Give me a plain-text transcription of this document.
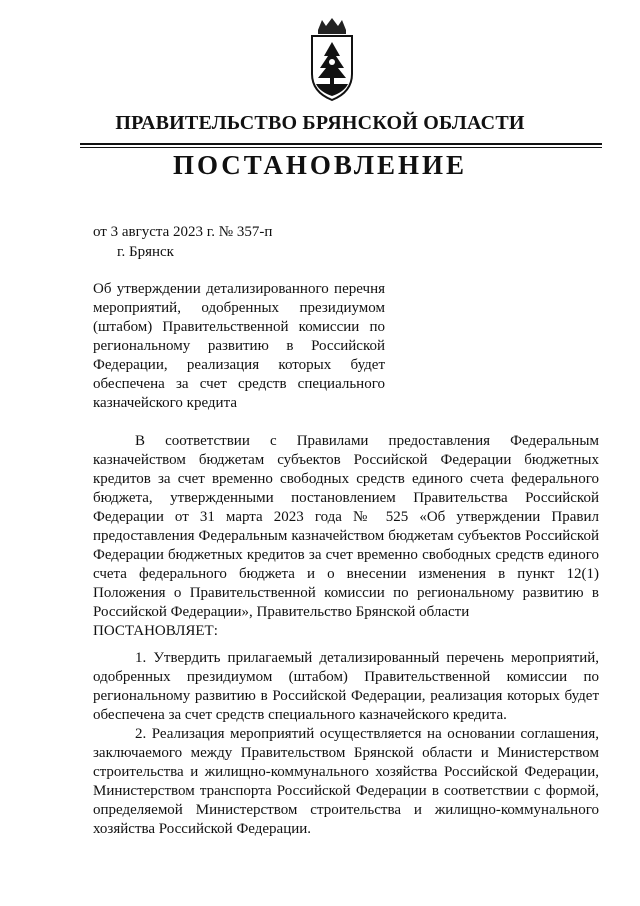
ПРАВИТЕЛЬСТВО БРЯНСКОЙ ОБЛАСТИ
ПОСТАНОВЛЕНИЕ
от 3 августа 2023 г. № 357-п
г. Брянск
Об утверждении детализированного перечня мероприятий, одобренных президиумом (штабом) Правительственной комиссии по региональному развитию в Российской Федерации, реализация которых будет обеспечена за счет средств специального казначейского кредита

В соответствии с Правилами предоставления Федеральным казначейством бюджетам субъектов Российской Федерации бюджетных кредитов за счет временно свободных средств единого счета федерального бюджета, утвержденными постановлением Правительства Российской Федерации от 31 марта 2023 года № 525 «Об утверждении Правил предоставления Федеральным казначейством бюджетам субъектов Российской Федерации бюджетных кредитов за счет временно свободных средств единого счета федерального бюджета и о внесении изменения в пункт 12(1) Положения о Правительственной комиссии по региональному развитию в Российской Федерации», Правительство Брянской области

ПОСТАНОВЛЯЕТ:

1. Утвердить прилагаемый детализированный перечень мероприятий, одобренных президиумом (штабом) Правительственной комиссии по региональному развитию в Российской Федерации, реализация которых будет обеспечена за счет средств специального казначейского кредита.

2. Реализация мероприятий осуществляется на основании соглашения, заключаемого между Правительством Брянской области и Министерством строительства и жилищно-коммунального хозяйства Российской Федерации, Министерством транспорта Российской Федерации в соответствии с формой, определяемой Министерством строительства и жилищно-коммунального хозяйства Российской Федерации.
